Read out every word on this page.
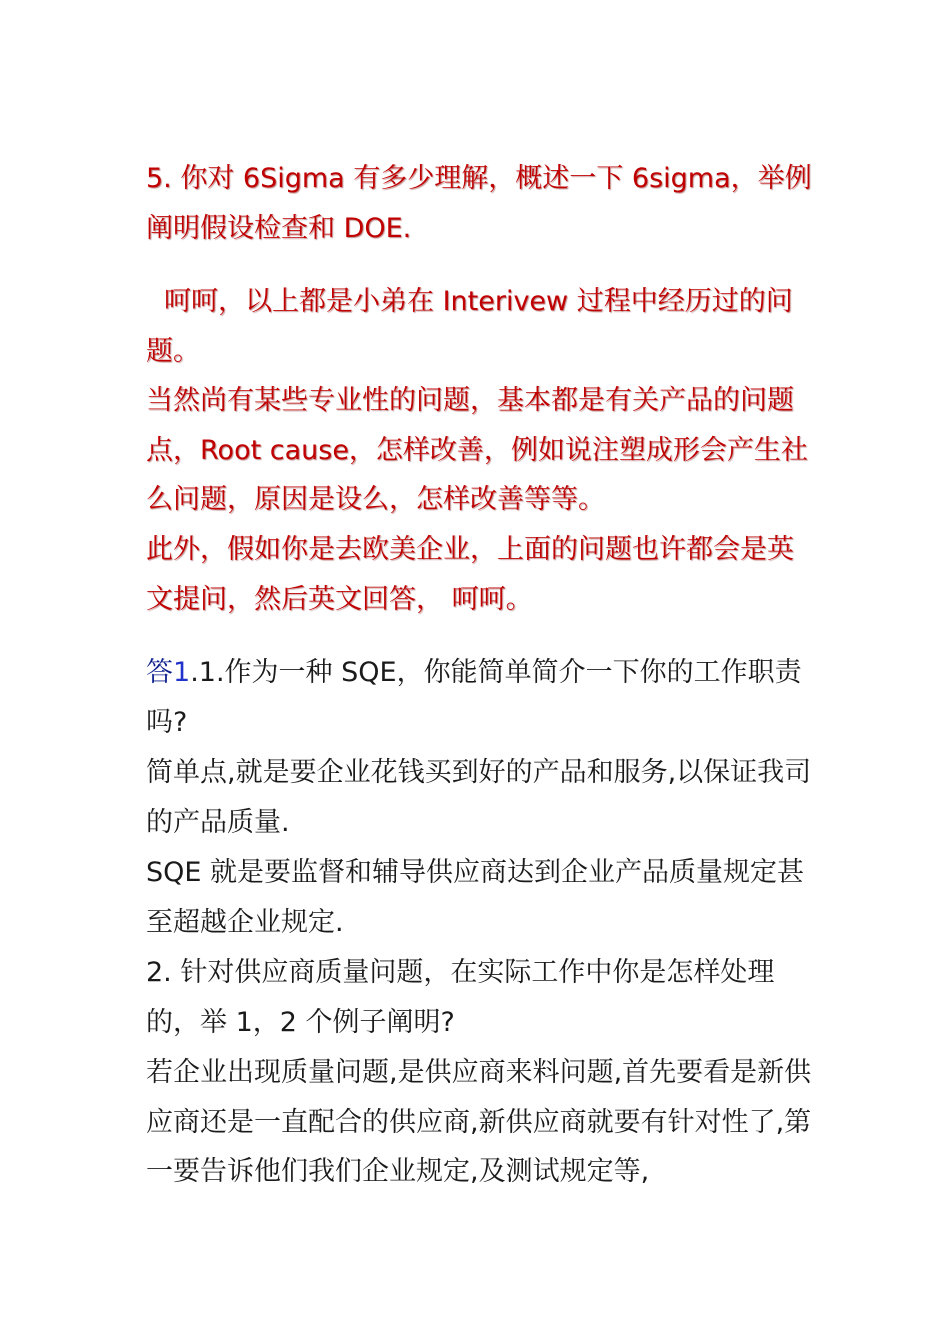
5. 你对 6Sigma 有多少理解，概述一下 6sigma，举例阐明假设检查和 DOE.

呵呵，以上都是小弟在 Interivew 过程中经历过的问题。

当然尚有某些专业性的问题，基本都是有关产品的问题点，Root cause，怎样改善，例如说注塑成形会产生社么问题，原因是设么，怎样改善等等。

此外，假如你是去欧美企业，上面的问题也许都会是英文提问，然后英文回答， 呵呵。

答1.1.作为一种 SQE，你能简单简介一下你的工作职责吗?

简单点,就是要企业花钱买到好的产品和服务,以保证我司的产品质量.

SQE 就是要监督和辅导供应商达到企业产品质量规定甚至超越企业规定.

2. 针对供应商质量问题，在实际工作中你是怎样处理的，举 1，2 个例子阐明?

若企业出现质量问题,是供应商来料问题,首先要看是新供应商还是一直配合的供应商,新供应商就要有针对性了,第一要告诉他们我们企业规定,及测试规定等,
